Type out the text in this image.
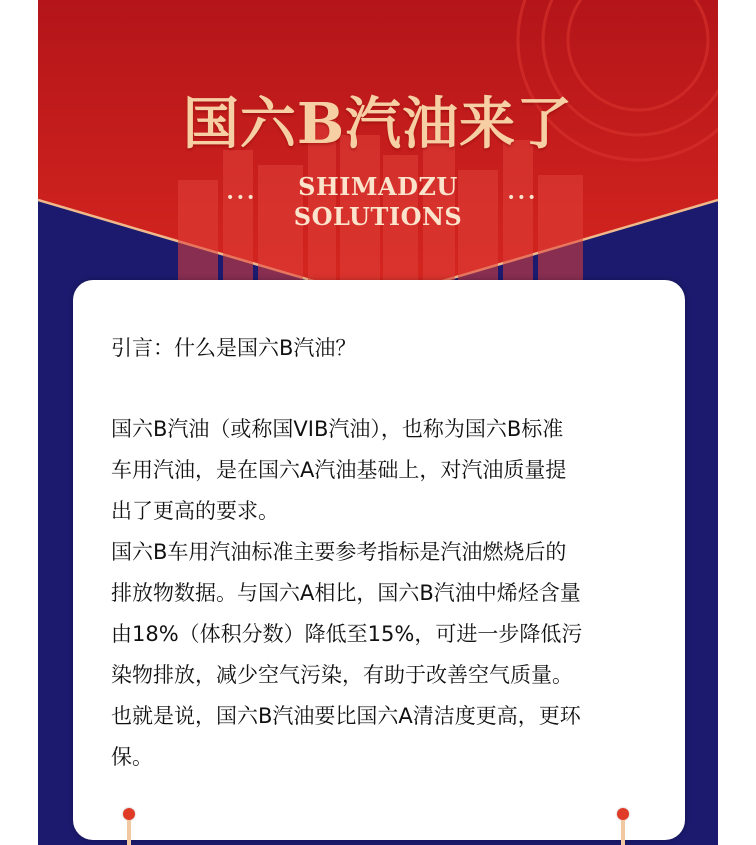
国六B汽油来了
SHIMADZU
SOLUTIONS
•••	•••

引言：什么是国六B汽油？

国六B汽油（或称国VIB汽油），也称为国六B标准

车用汽油，是在国六A汽油基础上，对汽油质量提

出了更高的要求。

国六B车用汽油标准主要参考指标是汽油燃烧后的

排放物数据。与国六A相比，国六B汽油中烯烃含量

由18%（体积分数）降低至15%，可进一步降低污

染物排放，减少空气污染，有助于改善空气质量。

也就是说，国六B汽油要比国六A清洁度更高，更环

保。
